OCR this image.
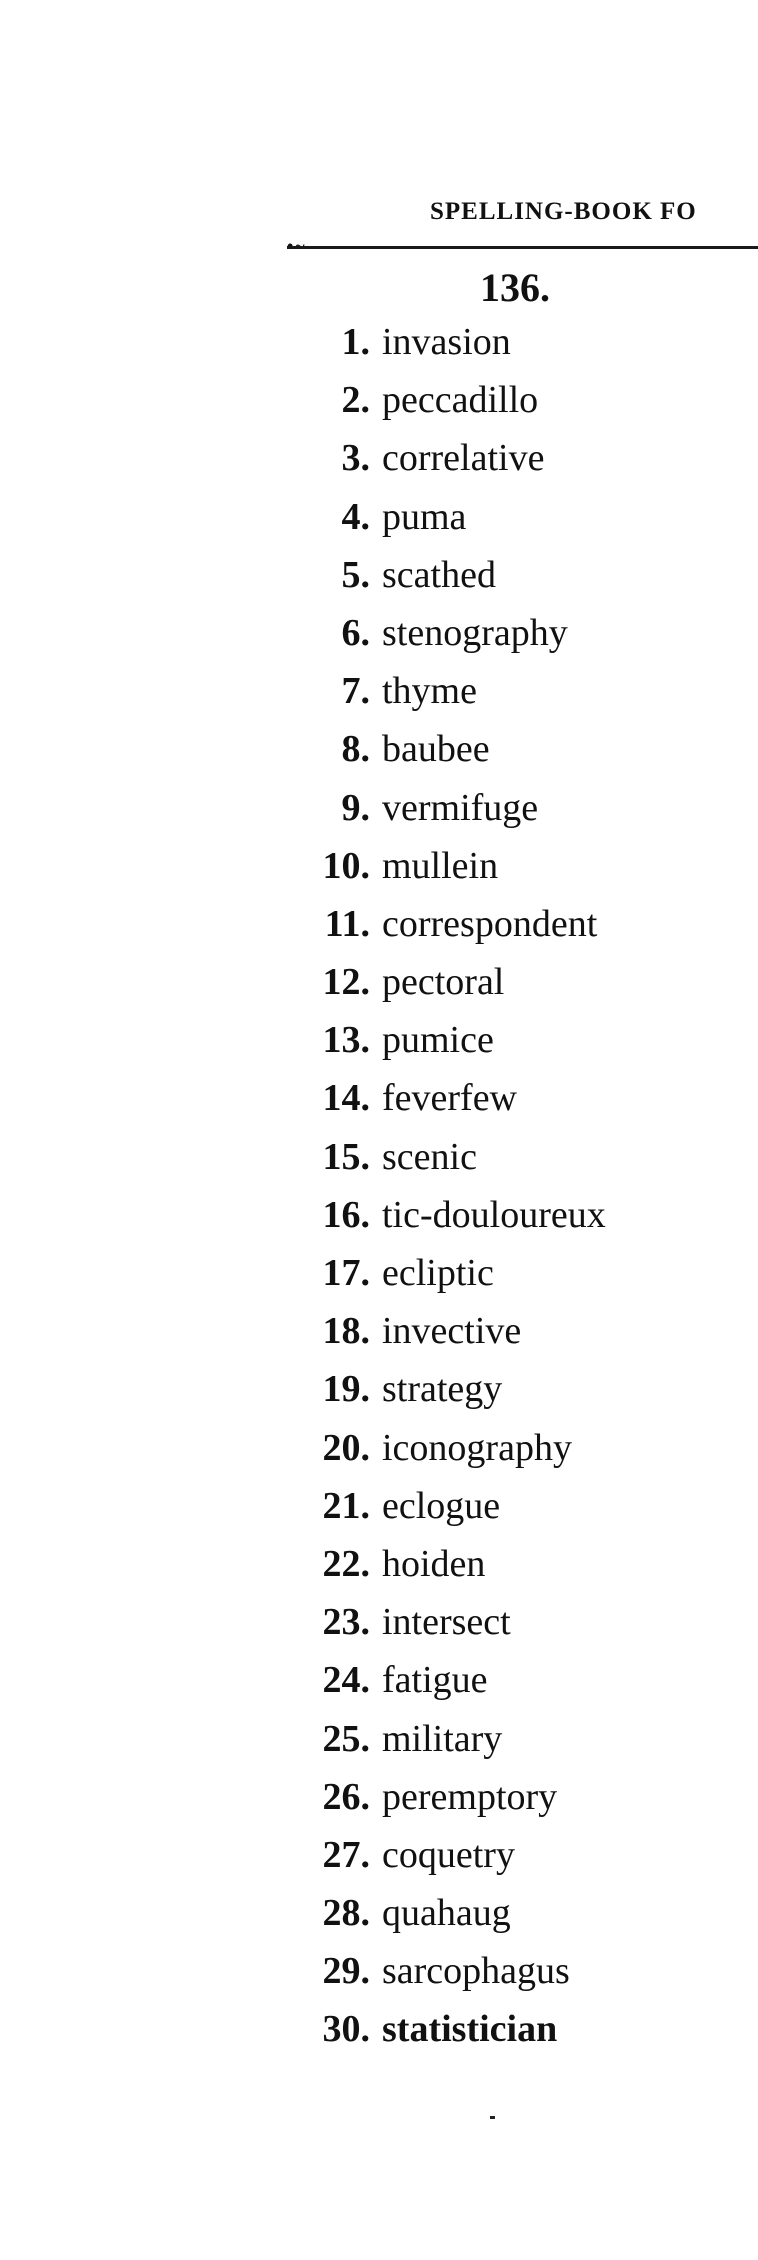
SPELLING-BOOK FO
•~-
136.
1. invasion
2. peccadillo
3. correlative
4. puma
5. scathed
6. stenography
7. thyme
8. baubee
9. vermifuge
10. mullein
11. correspondent
12. pectoral
13. pumice
14. feverfew
15. scenic
16. tic-douloureux
17. ecliptic
18. invective
19. strategy
20. iconography
21. eclogue
22. hoiden
23. intersect
24. fatigue
25. military
26. peremptory
27. coquetry
28. quahaug
29. sarcophagus
30. statistician
